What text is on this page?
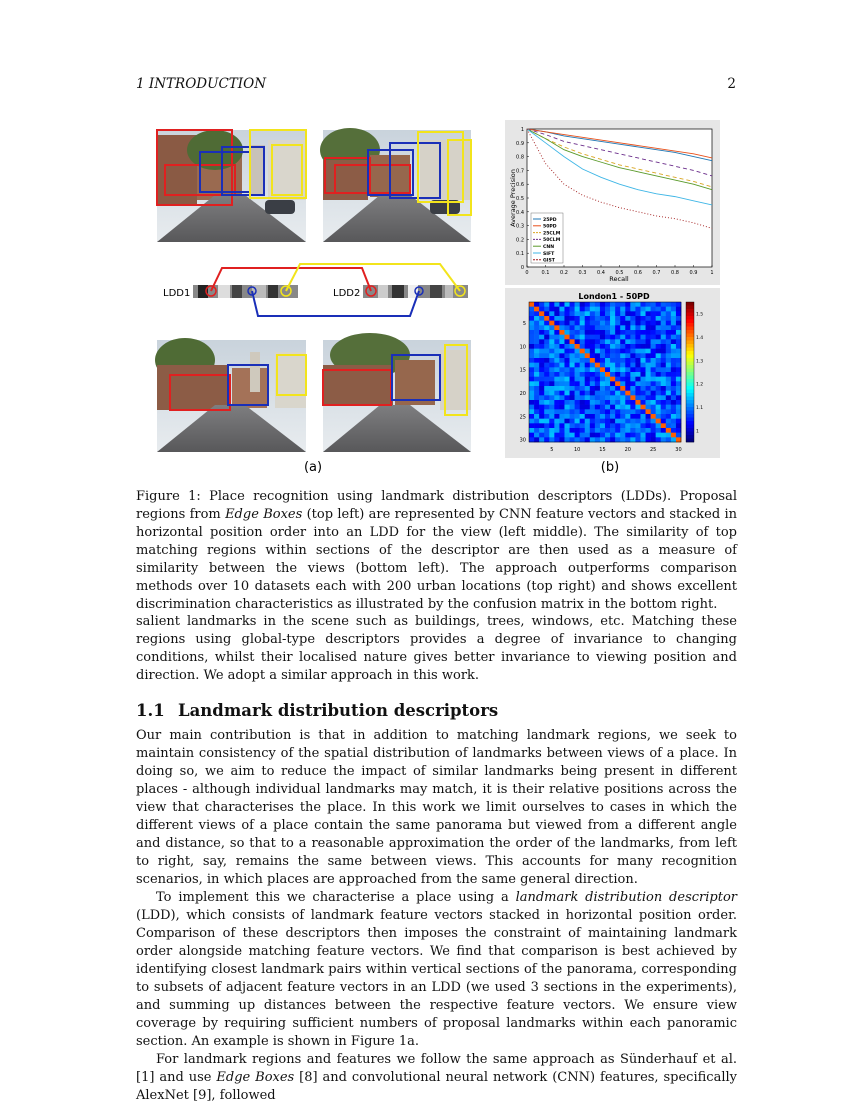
1 INTRODUCTION	2
LDD1	LDD2
0	0.1 0.2 0.3 0.4 0.5 0.6 0.7 0.8 0.9	1
0
0.1
0.2
0.3
0.4
0.5
0.6
0.7
0.8
0.9
1
25PD
50PD
25CLM
50CLM
CNN
SIFT
GIST
Recall
Average Precision
London1 - 50PD
5	10	15	20	25	30
5
10
15
20
25
30
1.5
1.4
1.3
1.2
1.1
1
(a)	(b)

Figure 1: Place recognition using landmark distribution descriptors (LDDs). Proposal regions from Edge Boxes (top left) are represented by CNN feature vectors and stacked in horizontal position order into an LDD for the view (left middle). The similarity of top matching regions within sections of the descriptor are then used as a measure of similarity between the views (bottom left). The approach outperforms comparison methods over 10 datasets each with 200 urban locations (top right) and shows excellent discrimination characteristics as illustrated by the confusion matrix in the bottom right.

salient landmarks in the scene such as buildings, trees, windows, etc. Matching these regions using global-type descriptors provides a degree of invariance to changing conditions, whilst their localised nature gives better invariance to viewing position and direction. We adopt a similar approach in this work.

1.1 Landmark distribution descriptors

Our main contribution is that in addition to matching landmark regions, we seek to maintain consistency of the spatial distribution of landmarks between views of a place. In doing so, we aim to reduce the impact of similar landmarks being present in different places - although individual landmarks may match, it is their relative positions across the view that characterises the place. In this work we limit ourselves to cases in which the different views of a place contain the same panorama but viewed from a different angle and distance, so that to a reasonable approximation the order of the landmarks, from left to right, say, remains the same between views. This accounts for many recognition scenarios, in which places are approached from the same general direction.

To implement this we characterise a place using a landmark distribution descriptor (LDD), which consists of landmark feature vectors stacked in horizontal position order. Comparison of these descriptors then imposes the constraint of maintaining landmark order alongside matching feature vectors. We find that comparison is best achieved by identifying closest landmark pairs within vertical sections of the panorama, corresponding to subsets of adjacent feature vectors in an LDD (we used 3 sections in the experiments), and summing up distances between the respective feature vectors. We ensure view coverage by requiring sufficient numbers of proposal landmarks within each panoramic section. An example is shown in Figure 1a.

For landmark regions and features we follow the same approach as Sünderhauf et al. [1] and use Edge Boxes [8] and convolutional neural network (CNN) features, specifically AlexNet [9], followed
